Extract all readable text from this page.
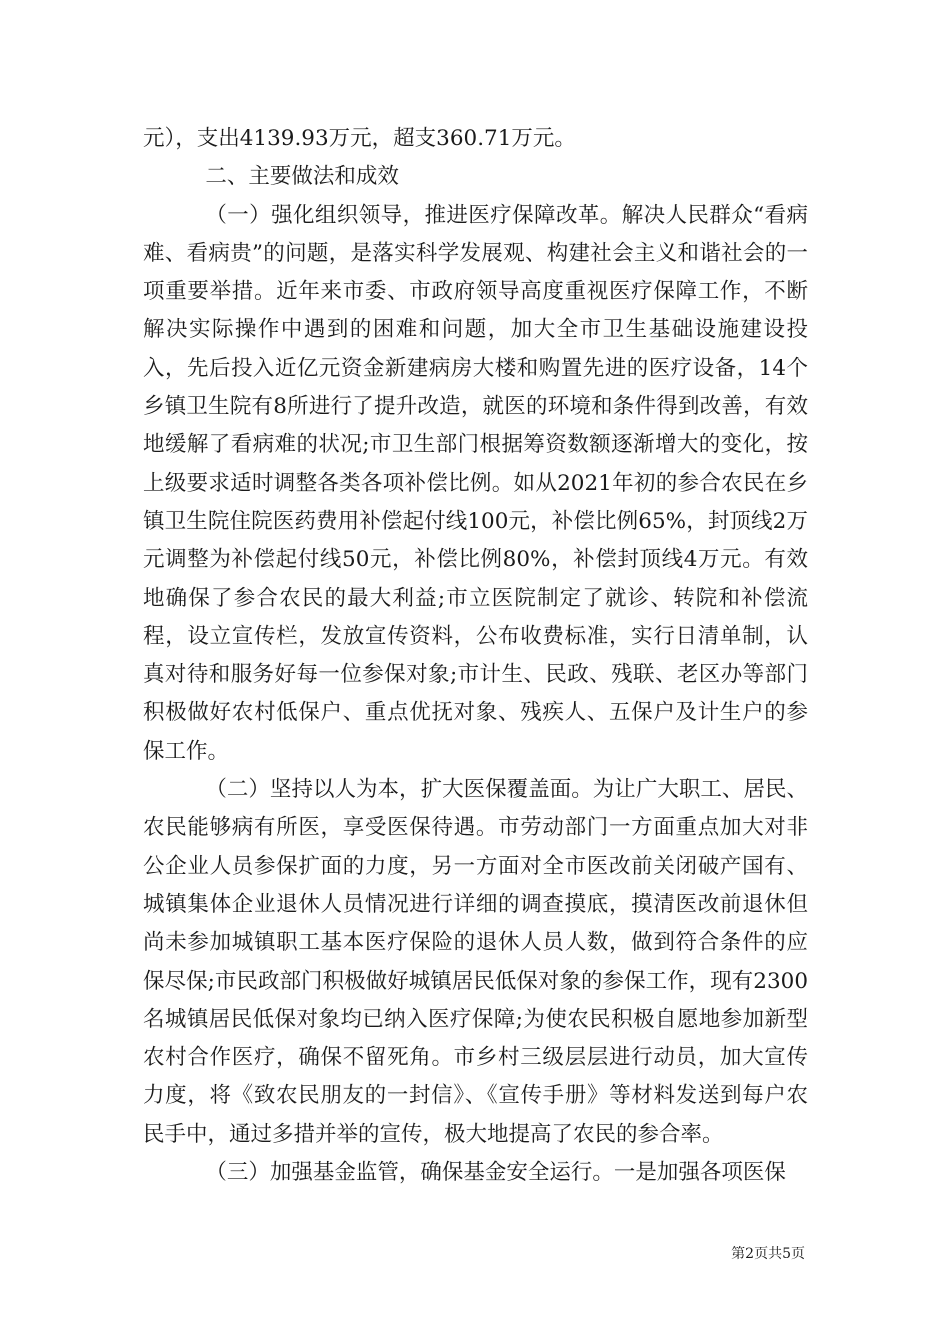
元），支出4139.93万元，超支360.71万元。

二、主要做法和成效

（一）强化组织领导，推进医疗保障改革。解决人民群众“看病难、看病贵”的问题，是落实科学发展观、构建社会主义和谐社会的一项重要举措。近年来市委、市政府领导高度重视医疗保障工作，不断解决实际操作中遇到的困难和问题，加大全市卫生基础设施建设投入，先后投入近亿元资金新建病房大楼和购置先进的医疗设备，14个乡镇卫生院有8所进行了提升改造，就医的环境和条件得到改善，有效地缓解了看病难的状况;市卫生部门根据筹资数额逐渐增大的变化，按上级要求适时调整各类各项补偿比例。如从2021年初的参合农民在乡镇卫生院住院医药费用补偿起付线100元，补偿比例65%，封顶线2万元调整为补偿起付线50元，补偿比例80%，补偿封顶线4万元。有效地确保了参合农民的最大利益;市立医院制定了就诊、转院和补偿流程，设立宣传栏，发放宣传资料，公布收费标准，实行日清单制，认真对待和服务好每一位参保对象;市计生、民政、残联、老区办等部门积极做好农村低保户、重点优抚对象、残疾人、五保户及计生户的参保工作。

（二）坚持以人为本，扩大医保覆盖面。为让广大职工、居民、农民能够病有所医，享受医保待遇。市劳动部门一方面重点加大对非公企业人员参保扩面的力度，另一方面对全市医改前关闭破产国有、城镇集体企业退休人员情况进行详细的调查摸底，摸清医改前退休但尚未参加城镇职工基本医疗保险的退休人员人数，做到符合条件的应保尽保;市民政部门积极做好城镇居民低保对象的参保工作，现有2300名城镇居民低保对象均已纳入医疗保障;为使农民积极自愿地参加新型农村合作医疗，确保不留死角。市乡村三级层层进行动员，加大宣传力度，将《致农民朋友的一封信》、《宣传手册》等材料发送到每户农民手中，通过多措并举的宣传，极大地提高了农民的参合率。

（三）加强基金监管，确保基金安全运行。一是加强各项医保

第2页共5页
